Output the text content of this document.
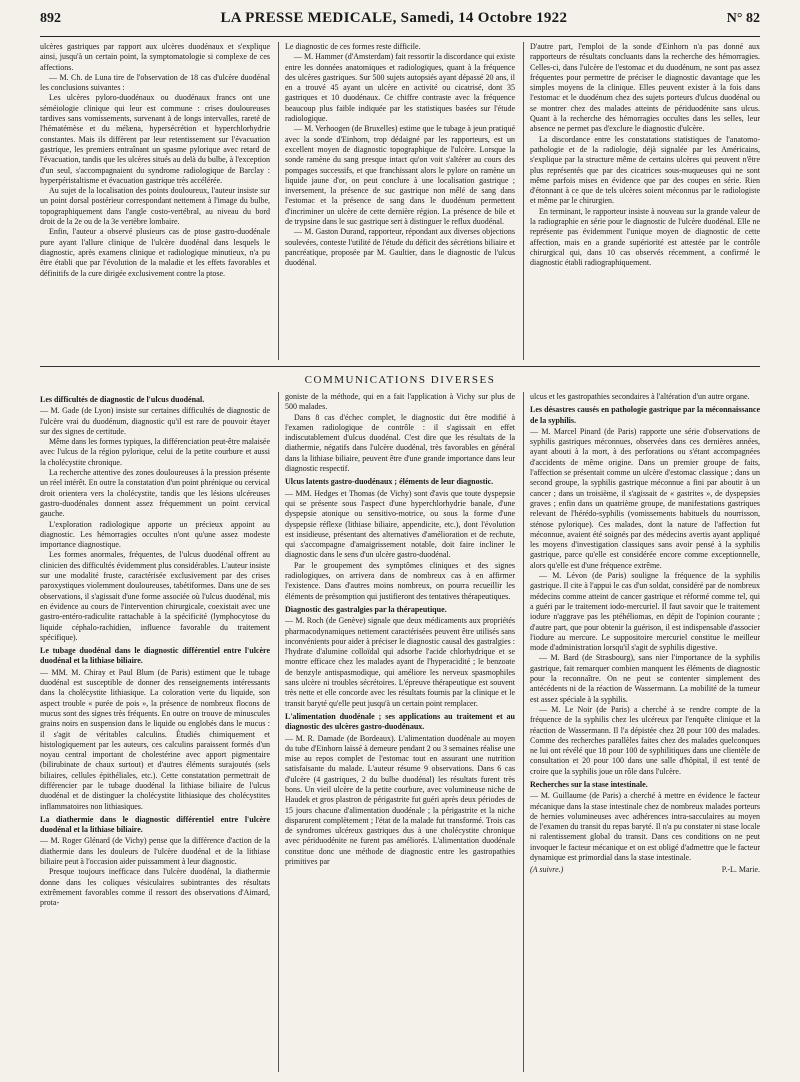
892	LA PRESSE MEDICALE, Samedi, 14 Octobre 1922	N° 82

ulcères gastriques par rapport aux ulcères duodénaux et s'explique ainsi, jusqu'à un certain point, la symptomatologie si complexe de ces affections.

— M. Ch. de Luna tire de l'observation de 18 cas d'ulcère duodénal les conclusions suivantes :

Les ulcères pyloro-duodénaux ou duodénaux francs ont une séméiologie clinique qui leur est commune : crises douloureuses tardives sans vomissements, survenant à de longs intervalles, rareté de l'hématémèse et du mélæna, hypersécrétion et hyperchlorhydrie constantes. Mais ils diffèrent par leur retentissement sur l'évacuation gastrique, les premiers entraînant un spasme pylorique avec retard de l'évacuation, tandis que les ulcères situés au delà du bulbe, à l'exception d'un seul, s'accompagnaient du syndrome radiologique de Barclay : hyperpéristaltisme et évacuation gastrique très accélérée.

Au sujet de la localisation des points douloureux, l'auteur insiste sur un point dorsal postérieur correspondant nettement à l'image du bulbe, topographiquement dans l'angle costo-vertébral, au niveau du bord droit de la 2e ou de la 3e vertèbre lombaire.

Enfin, l'auteur a observé plusieurs cas de ptose gastro-duodénale pure ayant l'allure clinique de l'ulcère duodénal dans lesquels le diagnostic, après examens clinique et radiologique minutieux, n'a pu être établi que par l'évolution de la maladie et les effets favorables et définitifs de la cure dirigée exclusivement contre la ptose.

Le diagnostic de ces formes reste difficile.

— M. Hammer (d'Amsterdam) fait ressortir la discordance qui existe entre les données anatomiques et radiologiques, quant à la fréquence des ulcères gastriques. Sur 500 sujets autopsiés ayant dépassé 20 ans, il en a trouvé 45 ayant un ulcère en activité ou cicatrisé, dont 35 gastriques et 10 duodénaux. Ce chiffre contraste avec la fréquence beaucoup plus faible indiquée par les statistiques basées sur l'étude radiologique.

— M. Verhoogen (de Bruxelles) estime que le tubage à jeun pratiqué avec la sonde d'Einhorn, trop dédaigné par les rapporteurs, est un excellent moyen de diagnostic topographique de l'ulcère. Lorsque la sonde ramène du sang presque intact qu'on voit s'altérer au cours des pompages successifs, et que franchissant alors le pylore on ramène un liquide jaune d'or, on peut conclure à une localisation gastrique ; inversement, la présence de suc gastrique non mêlé de sang dans l'estomac et la présence de sang dans le duodénum permettent d'incriminer un ulcère de cette dernière région. La présence de bile et de trypsine dans le suc gastrique sert à distinguer le reflux duodénal.

— M. Gaston Durand, rapporteur, répondant aux diverses objections soulevées, conteste l'utilité de l'étude du déficit des sécrétions biliaire et pancréatique, proposée par M. Gaultier, dans le diagnostic de l'ulcus duodénal.

D'autre part, l'emploi de la sonde d'Einhorn n'a pas donné aux rapporteurs de résultats concluants dans la recherche des hémorragies. Celles-ci, dans l'ulcère de l'estomac et du duodénum, ne sont pas assez fréquentes pour permettre de préciser le diagnostic davantage que les simples moyens de la clinique. Elles peuvent exister à la fois dans l'estomac et le duodénum chez des sujets porteurs d'ulcus duodénal ou se montrer chez des malades atteints de périduodénite sans ulcus. Quant à la recherche des hémorragies occultes dans les selles, leur absence ne permet pas d'exclure le diagnostic d'ulcère.

La discordance entre les constatations statistiques de l'anatomo-pathologie et de la radiologie, déjà signalée par les Américains, s'explique par la structure même de certains ulcères qui peuvent n'être plus représentés que par des cicatrices sous-muqueuses qui ne sont même parfois mises en évidence que par des coupes en série. Rien d'étonnant à ce que de tels ulcères soient méconnus par le radiologiste et même par le chirurgien.

En terminant, le rapporteur insiste à nouveau sur la grande valeur de la radiographie en série pour le diagnostic de l'ulcère duodénal. Elle ne représente pas évidemment l'unique moyen de diagnostic de cette affection, mais en a grande supériorité est attestée par le contrôle chirurgical qui, dans 10 cas observés récemment, a confirmé le diagnostic établi radiographiquement.

COMMUNICATIONS DIVERSES
Les difficultés de diagnostic de l'ulcus duodénal.

— M. Gade (de Lyon) insiste sur certaines difficultés de diagnostic de l'ulcère vrai du duodénum, diagnostic qu'il est rare de pouvoir étayer sur des signes de certitude.

Même dans les formes typiques, la différenciation peut-être malaisée avec l'ulcus de la région pylorique, celui de la petite courbure et aussi la cholécystite chronique.

La recherche attentive des zones douloureuses à la pression présente un réel intérêt. En outre la constatation d'un point phrénique ou cervical droit orientera vers la cholécystite, tandis que les lésions ulcéreuses gastro-duodénales donnent assez fréquemment un point cervical gauche.

L'exploration radiologique apporte un précieux appoint au diagnostic. Les hémorragies occultes n'ont qu'une assez modeste importance diagnostique.

Les formes anormales, fréquentes, de l'ulcus duodénal offrent au clinicien des difficultés évidemment plus considérables. L'auteur insiste sur une modalité fruste, caractérisée exclusivement par des crises paroxystiques violemment douloureuses, tabétiformes. Dans une de ses observations, il s'agissait d'une forme associée où l'ulcus duodénal, mis en évidence au cours de l'intervention chirurgicale, coexistait avec une gastro-entéro-radiculite rattachable à la spécificité (lymphocytose du liquide céphalo-rachidien, influence favorable du traitement spécifique).

Le tubage duodénal dans le diagnostic différentiel entre l'ulcère duodénal et la lithiase biliaire.

— MM. M. Chiray et Paul Blum (de Paris) estiment que le tubage duodénal est susceptible de donner des renseignements intéressants dans la cholécystite lithiasique. La coloration verte du liquide, son aspect trouble « purée de pois », la présence de nombreux flocons de mucus sont des signes très fréquents. En outre on trouve de minuscules grains noirs en suspension dans le liquide ou englobés dans le mucus : il s'agit de véritables calculins. Étudiés chimiquement et histologiquement par les auteurs, ces calculins paraissent formés d'un noyau central important de cholestérine avec apport pigmentaire (bilirubinate de chaux surtout) et d'autres éléments surajoutés (sels biliaires, cellules épithéliales, etc.). Cette constatation permettrait de différencier par le tubage duodénal la lithiase biliaire de l'ulcus duodénal et de distinguer la cholécystite lithiasique des cholécystites inflammatoires non lithiasiques.

La diathermie dans le diagnostic différentiel entre l'ulcère duodénal et la lithiase biliaire.

— M. Roger Glénard (de Vichy) pense que la différence d'action de la diathermie dans les douleurs de l'ulcère duodénal et de la lithiase biliaire peut à l'occasion aider puissamment à leur diagnostic.

Presque toujours inefficace dans l'ulcère duodénal, la diathermie donne dans les coliques vésiculaires subintrantes des résultats extrêmement favorables comme il ressort des observations d'Aimard, prota-

goniste de la méthode, qui en a fait l'application à Vichy sur plus de 500 malades.

Dans 8 cas d'échec complet, le diagnostic dut être modifié à l'examen radiologique de contrôle : il s'agissait en effet indiscutablement d'ulcus duodénal. C'est dire que les résultats de la diathermie, négatifs dans l'ulcère duodénal, très favorables en général dans la lithiase biliaire, peuvent être d'une grande importance dans leur diagnostic respectif.

Ulcus latents gastro-duodénaux ; éléments de leur diagnostic.

— MM. Hedges et Thomas (de Vichy) sont d'avis que toute dyspepsie qui se présente sous l'aspect d'une hyperchlorhydrie banale, d'une dyspepsie atonique ou sensitivo-motrice, ou sous la forme d'une dyspepsie réflexe (lithiase biliaire, appendicite, etc.), dont l'évolution est insidieuse, présentant des alternatives d'amélioration et de rechute, qui s'accompagne d'amaigrissement notable, doit faire incliner le diagnostic dans le sens d'un ulcère gastro-duodénal.

Par le groupement des symptômes cliniques et des signes radiologiques, on arrivera dans de nombreux cas à en affirmer l'existence. Dans d'autres moins nombreux, on pourra recueillir les éléments de présomption qui justifieront des tentatives thérapeutiques.

Diagnostic des gastralgies par la thérapeutique.

— M. Roch (de Genève) signale que deux médicaments aux propriétés pharmacodynamiques nettement caractérisées peuvent être utilisés sans inconvénients pour aider à préciser le diagnostic causal des gastralgies : l'hydrate d'alumine colloïdal qui adsorbe l'acide chlorhydrique et se montre efficace chez les malades ayant de l'hyperacidité ; le benzoate de benzyle antispasmodique, qui améliore les nerveux spasmophiles sans ulcère ni troubles sécrétoires. L'épreuve thérapeutique est souvent très nette et elle concorde avec les résultats fournis par la clinique et le transit baryté qu'elle peut jusqu'à un certain point remplacer.

L'alimentation duodénale ; ses applications au traitement et au diagnostic des ulcères gastro-duodénaux.

— M. R. Damade (de Bordeaux). L'alimentation duodénale au moyen du tube d'Einhorn laissé à demeure pendant 2 ou 3 semaines réalise une mise au repos complet de l'estomac tout en assurant une nutrition satisfaisante du malade. L'auteur résume 9 observations. Dans 6 cas d'ulcère (4 gastriques, 2 du bulbe duodénal) les résultats furent très bons. Un vieil ulcère de la petite courbure, avec volumineuse niche de Haudek et gros plastron de périgastrite fut guéri après deux périodes de 15 jours chacune d'alimentation duodénale ; la périgastrite et la niche disparurent complètement ; l'état de la malade fut transformé. Trois cas de syndromes ulcéreux gastriques dus à une cholécystite chronique avec périduodénite ne furent pas améliorés. L'alimentation duodénale constitue donc une méthode de diagnostic entre les gastropathies primitives par

ulcus et les gastropathies secondaires à l'altération d'un autre organe.

Les désastres causés en pathologie gastrique par la méconnaissance de la syphilis.

— M. Marcel Pinard (de Paris) rapporte une série d'observations de syphilis gastriques méconnues, observées dans ces dernières années, ayant abouti à la mort, à des perforations ou s'étant accompagnées d'accidents de même origine. Dans un premier groupe de faits, l'affection se présentait comme un ulcère d'estomac classique ; dans un second groupe, la syphilis gastrique méconnue a fini par aboutir à un cancer ; dans un troisième, il s'agissait de « gastrites », de dyspepsies graves ; enfin dans un quatrième groupe, de manifestations gastriques relevant de l'hérédo-syphilis (vomissements habituels du nourrisson, sténose pylorique). Ces malades, dont la nature de l'affection fut méconnue, avaient été soignés par des médecins avertis ayant appliqué les moyens d'investigation classiques sans avoir pensé à la syphilis gastrique, parce qu'elle est considérée encore comme exceptionnelle, alors qu'elle est d'une fréquence extrême.

— M. Lévon (de Paris) souligne la fréquence de la syphilis gastrique. Il cite à l'appui le cas d'un soldat, considéré par de nombreux médecins comme atteint de cancer gastrique et réformé comme tel, qui a guéri par le traitement iodo-mercuriel. Il faut savoir que le traitement iodure n'aggrave pas les ptéhéliomas, en dépit de l'opinion courante ; d'autre part, que pour obtenir la guérison, il est indispensable d'associer l'iodure au mercure. Le suppositoire mercuriel constitue le meilleur mode d'administration lorsqu'il s'agit de syphilis digestive.

— M. Bard (de Strasbourg), sans nier l'importance de la syphilis gastrique, fait remarquer combien manquent les éléments de diagnostic pour la reconnaître. On ne peut se contenter simplement des antécédents ni de la réaction de Wassermann. La mobilité de la tumeur est assez spéciale à la syphilis.

— M. Le Noir (de Paris) a cherché à se rendre compte de la fréquence de la syphilis chez les ulcéreux par l'enquête clinique et la réaction de Wassermann. Il l'a dépistée chez 28 pour 100 des malades. Comme des recherches parallèles faites chez des malades quelconques ne lui ont révélé que 18 pour 100 de syphilitiques dans une clientèle de consultation et 20 pour 100 dans une salle d'hôpital, il est tenté de croire que la syphilis joue un rôle dans l'ulcère.

Recherches sur la stase intestinale.

— M. Guillaume (de Paris) a cherché à mettre en évidence le facteur mécanique dans la stase intestinale chez de nombreux malades porteurs de hernies volumineuses avec adhérences intra-sacculaires au moyen de l'examen du transit du repas baryté. Il n'a pu constater ni stase locale ni ralentissement global du transit. Dans ces conditions on ne peut invoquer le facteur mécanique et on est obligé d'admettre que le facteur dynamique est primordial dans la stase intestinale.

(A suivre.)	P.-L. Marie.
